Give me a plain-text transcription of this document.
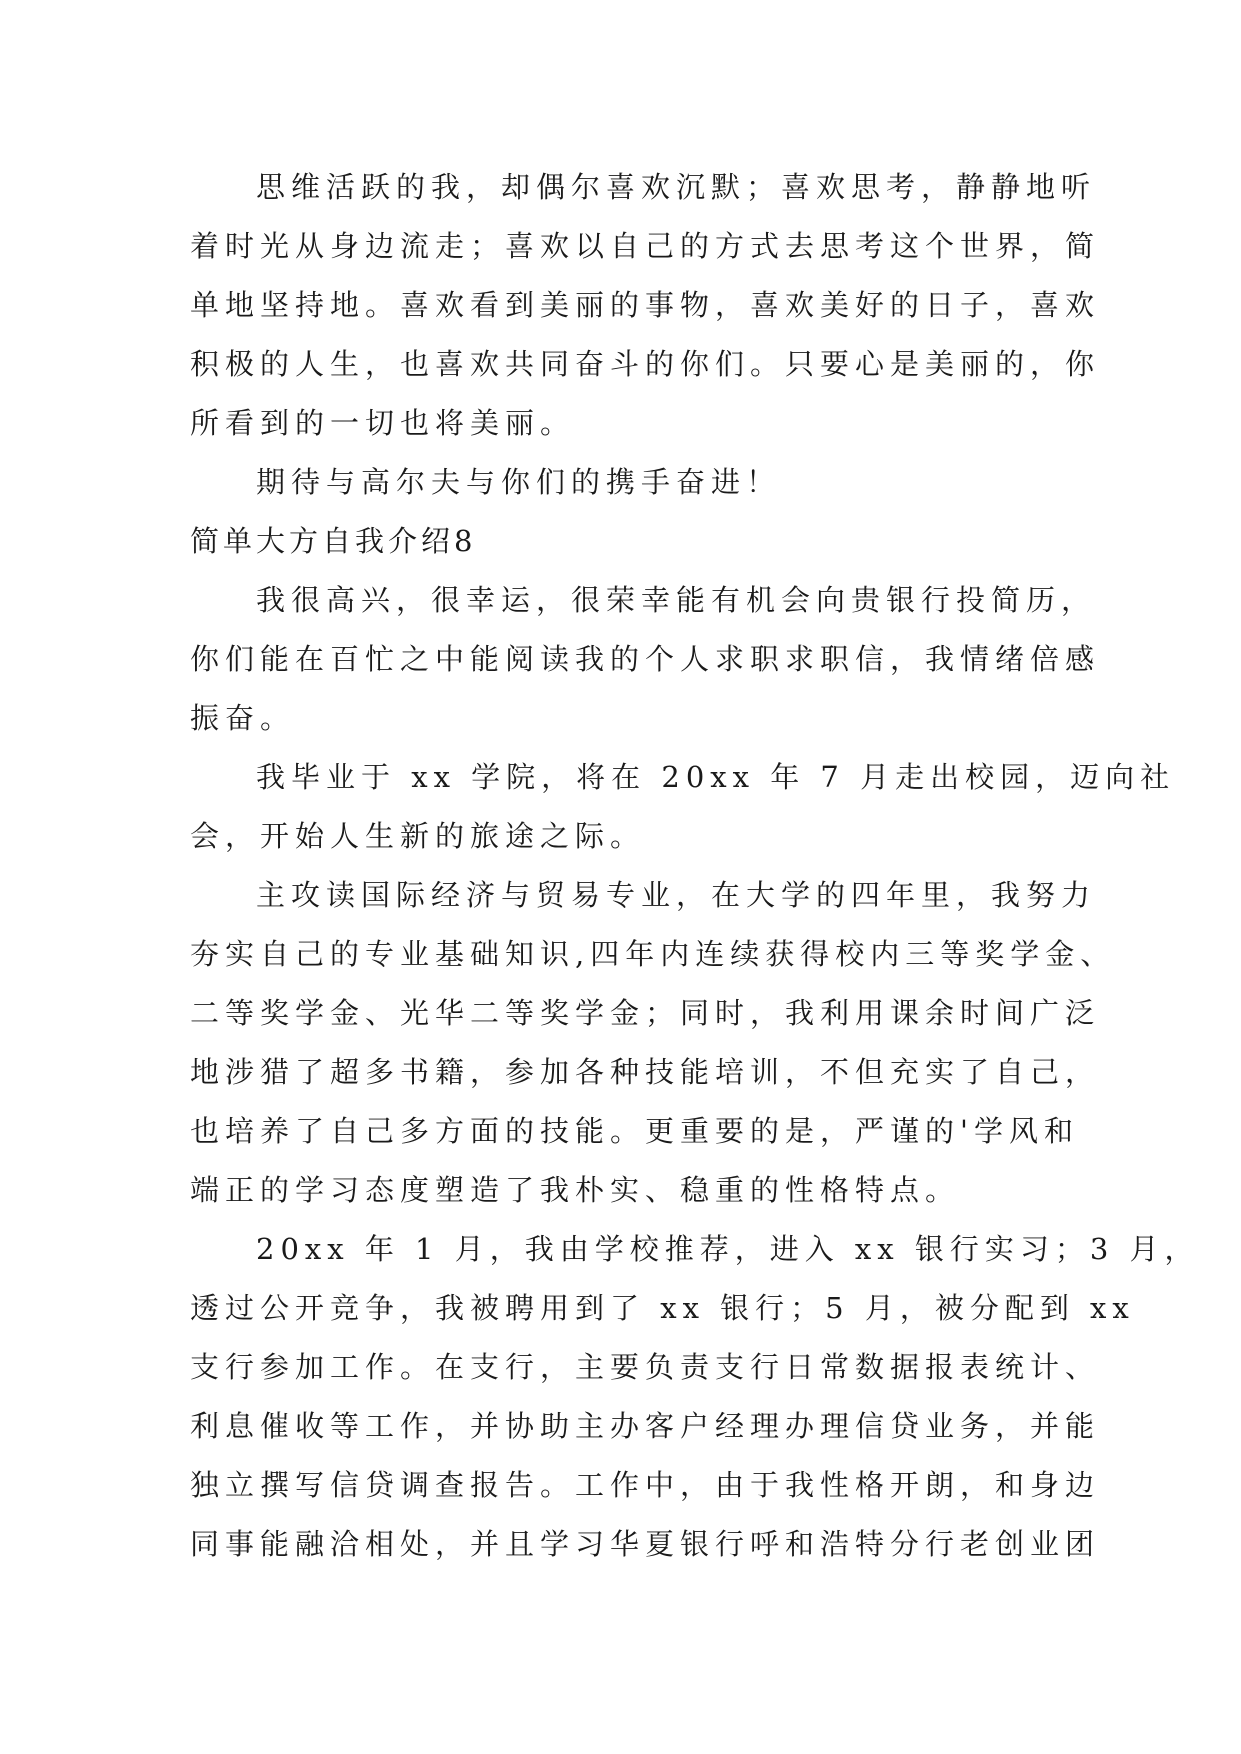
思维活跃的我，却偶尔喜欢沉默；喜欢思考，静静地听
着时光从身边流走；喜欢以自己的方式去思考这个世界，简
单地坚持地。喜欢看到美丽的事物，喜欢美好的日子，喜欢
积极的人生，也喜欢共同奋斗的你们。只要心是美丽的，你
所看到的一切也将美丽。
期待与高尔夫与你们的携手奋进！
简单大方自我介绍8
我很高兴，很幸运，很荣幸能有机会向贵银行投简历，
你们能在百忙之中能阅读我的个人求职求职信，我情绪倍感
振奋。
我毕业于 xx 学院，将在 20xx 年 7 月走出校园，迈向社
会，开始人生新的旅途之际。
主攻读国际经济与贸易专业，在大学的四年里，我努力
夯实自己的专业基础知识,四年内连续获得校内三等奖学金、
二等奖学金、光华二等奖学金；同时，我利用课余时间广泛
地涉猎了超多书籍，参加各种技能培训，不但充实了自己，
也培养了自己多方面的技能。更重要的是，严谨的'学风和
端正的学习态度塑造了我朴实、稳重的性格特点。
20xx 年 1 月，我由学校推荐，进入 xx 银行实习；3 月，
透过公开竞争，我被聘用到了 xx 银行；5 月，被分配到 xx
支行参加工作。在支行，主要负责支行日常数据报表统计、
利息催收等工作，并协助主办客户经理办理信贷业务，并能
独立撰写信贷调查报告。工作中，由于我性格开朗，和身边
同事能融洽相处，并且学习华夏银行呼和浩特分行老创业团
